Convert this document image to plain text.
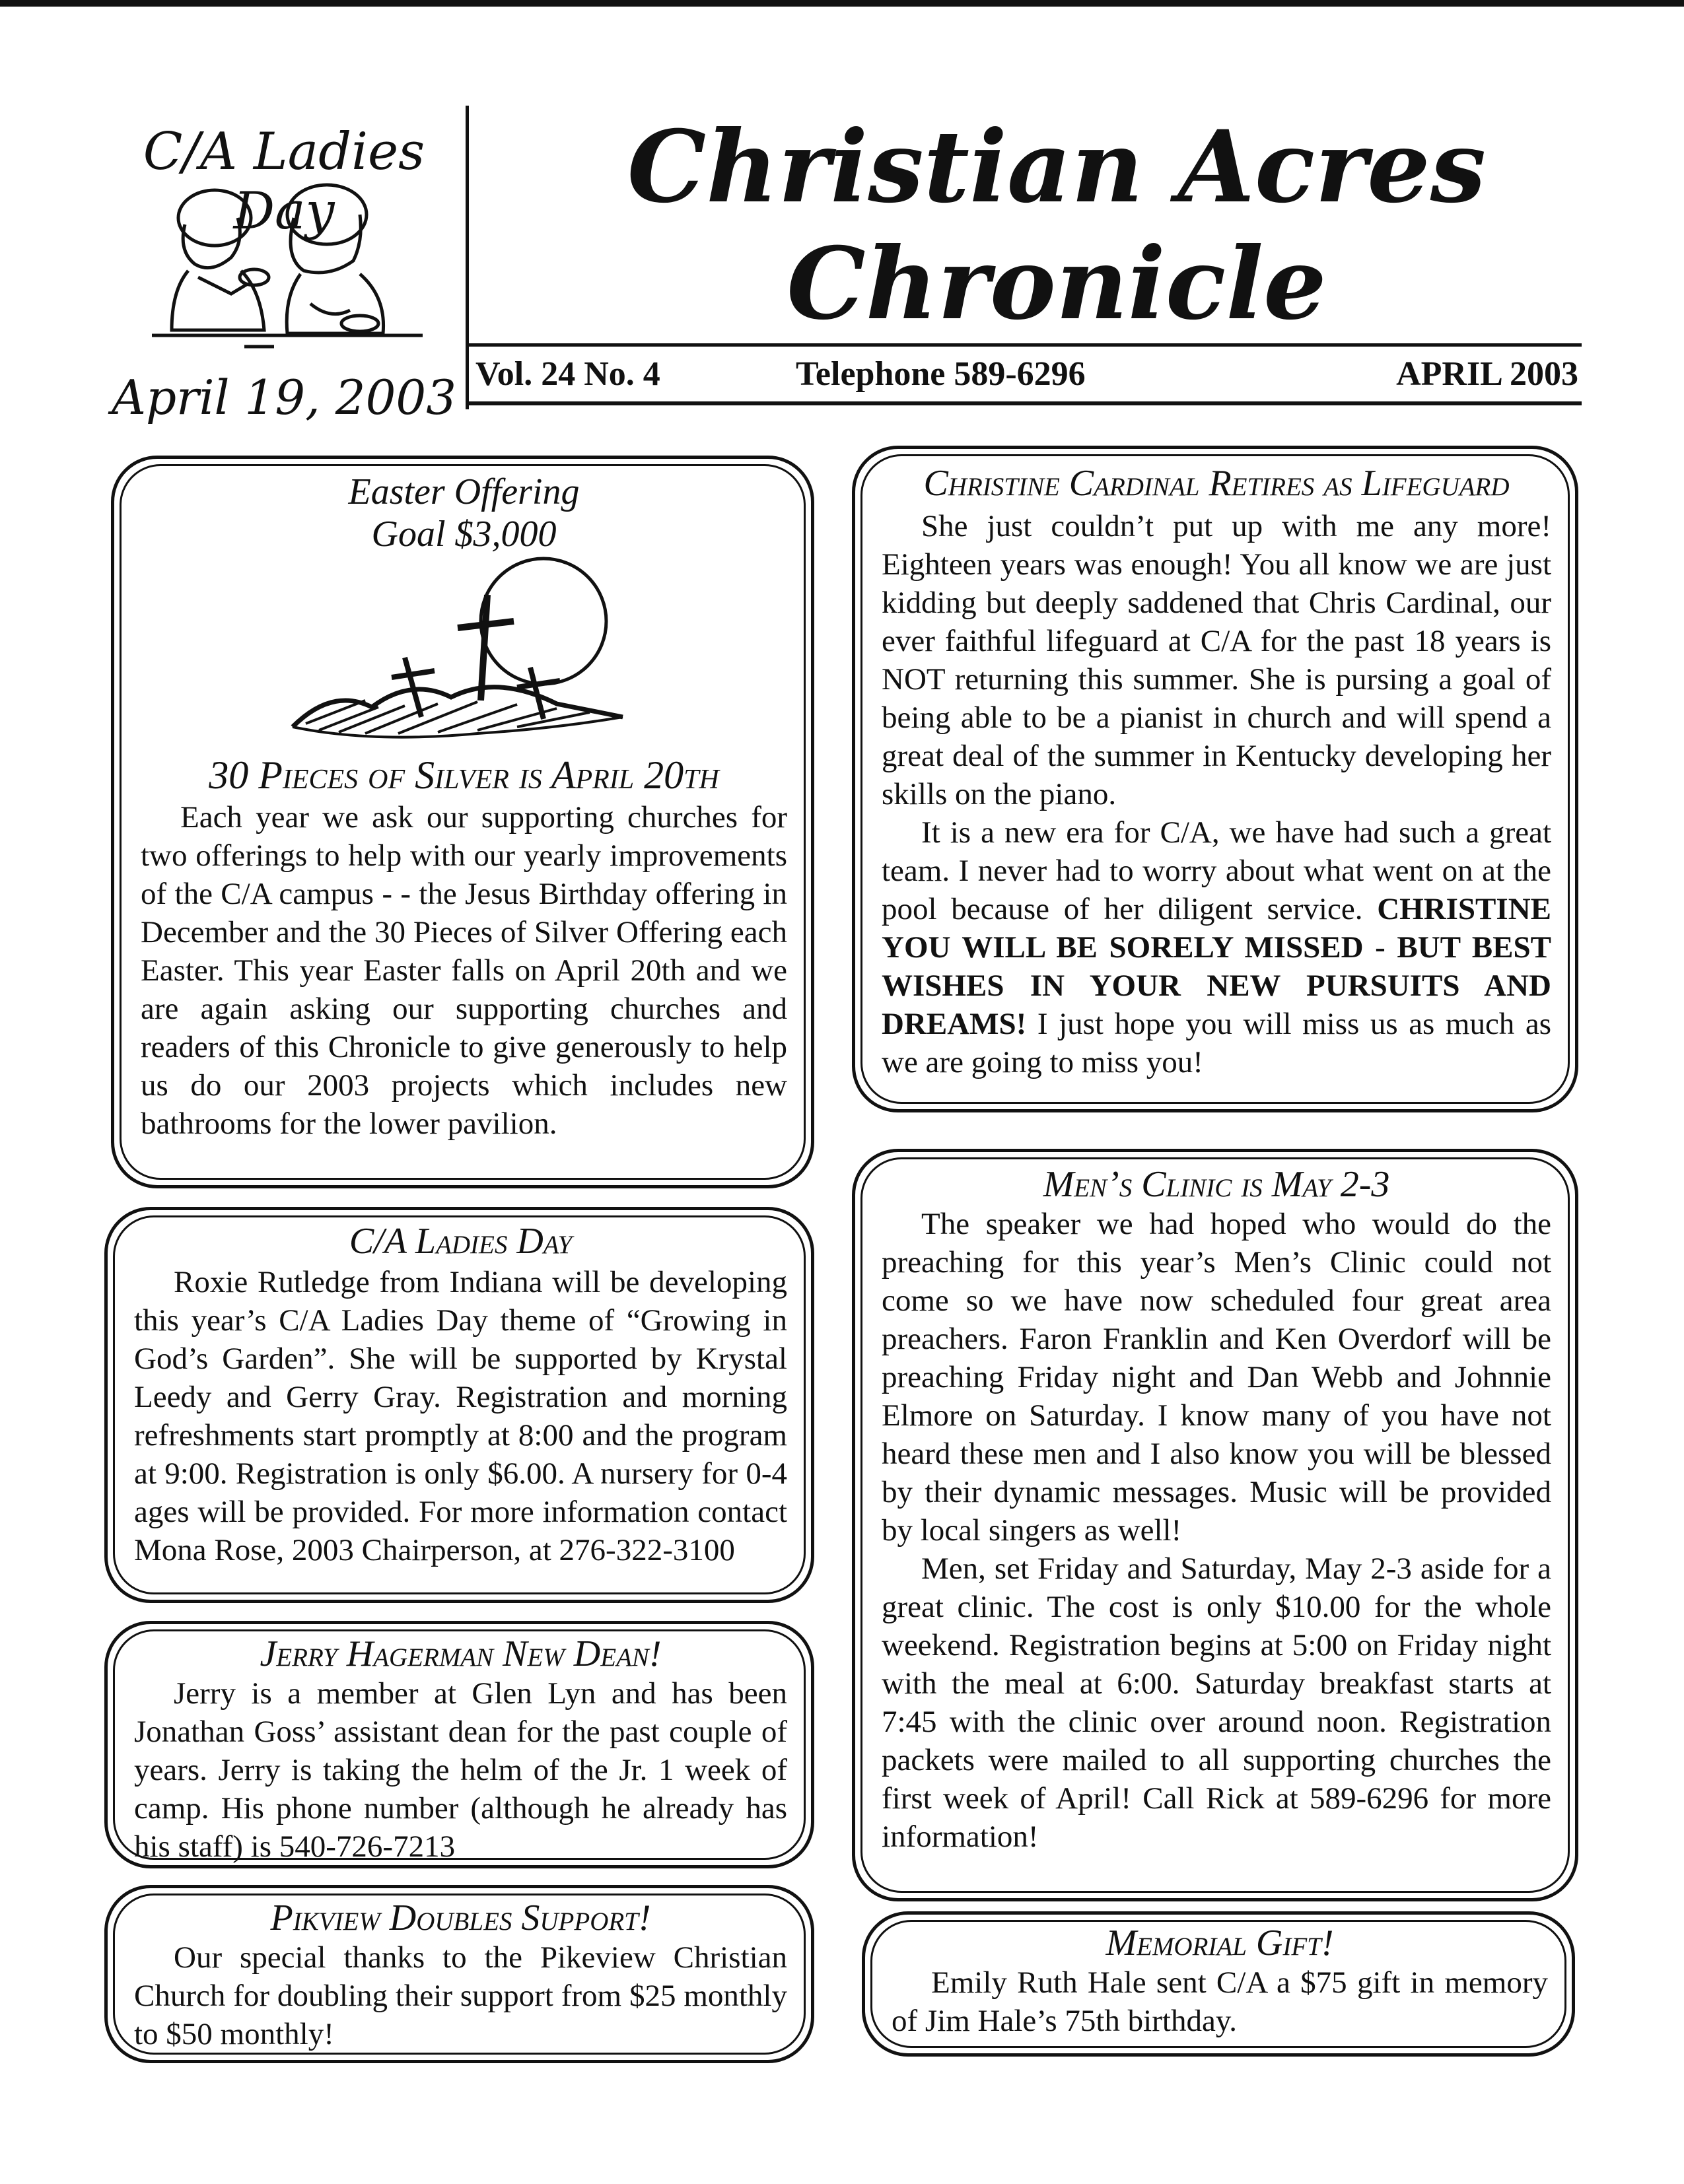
C/A Ladies Day
April 19, 2003
Christian Acres
Chronicle
Vol. 24 No. 4	Telephone 589-6296	APRIL 2003
Easter Offering
Goal $3,000
30 Pieces of Silver is April 20th

Each year we ask our supporting churches for two offerings to help with our yearly improvements of the C/A campus - - the Jesus Birthday offering in December and the 30 Pieces of Silver Offering each Easter. This year Easter falls on April 20th and we are again asking our supporting churches and readers of this Chronicle to give generously to help us do our 2003 projects which includes new bathrooms for the lower pavilion.

C/A Ladies Day

Roxie Rutledge from Indiana will be developing this year’s C/A Ladies Day theme of “Growing in God’s Garden”. She will be supported by Krystal Leedy and Gerry Gray. Registration and morning refreshments start promptly at 8:00 and the program at 9:00. Registration is only $6.00. A nursery for 0-4 ages will be provided. For more information contact Mona Rose, 2003 Chairperson, at 276-322-3100

Jerry Hagerman New Dean!

Jerry is a member at Glen Lyn and has been Jonathan Goss’ assistant dean for the past couple of years. Jerry is taking the helm of the Jr. 1 week of camp. His phone number (although he already has his staff) is 540-726-7213

Pikview Doubles Support!

Our special thanks to the Pikeview Christian Church for doubling their support from $25 monthly to $50 monthly!

Christine Cardinal Retires as Lifeguard

She just couldn’t put up with me any more! Eighteen years was enough! You all know we are just kidding but deeply saddened that Chris Cardinal, our ever faithful lifeguard at C/A for the past 18 years is NOT returning this summer. She is pursing a goal of being able to be a pianist in church and will spend a great deal of the summer in Kentucky developing her skills on the piano.

It is a new era for C/A, we have had such a great team. I never had to worry about what went on at the pool because of her diligent service. CHRISTINE YOU WILL BE SORELY MISSED - BUT BEST WISHES IN YOUR NEW PURSUITS AND DREAMS! I just hope you will miss us as much as we are going to miss you!

Men’s Clinic is May 2-3

The speaker we had hoped who would do the preaching for this year’s Men’s Clinic could not come so we have now scheduled four great area preachers. Faron Franklin and Ken Overdorf will be preaching Friday night and Dan Webb and Johnnie Elmore on Saturday. I know many of you have not heard these men and I also know you will be blessed by their dynamic messages. Music will be provided by local singers as well!

Men, set Friday and Saturday, May 2-3 aside for a great clinic. The cost is only $10.00 for the whole weekend. Registration begins at 5:00 on Friday night with the meal at 6:00. Saturday breakfast starts at 7:45 with the clinic over around noon. Registration packets were mailed to all supporting churches the first week of April! Call Rick at 589-6296 for more information!

Memorial Gift!

Emily Ruth Hale sent C/A a $75 gift in memory of Jim Hale’s 75th birthday.
